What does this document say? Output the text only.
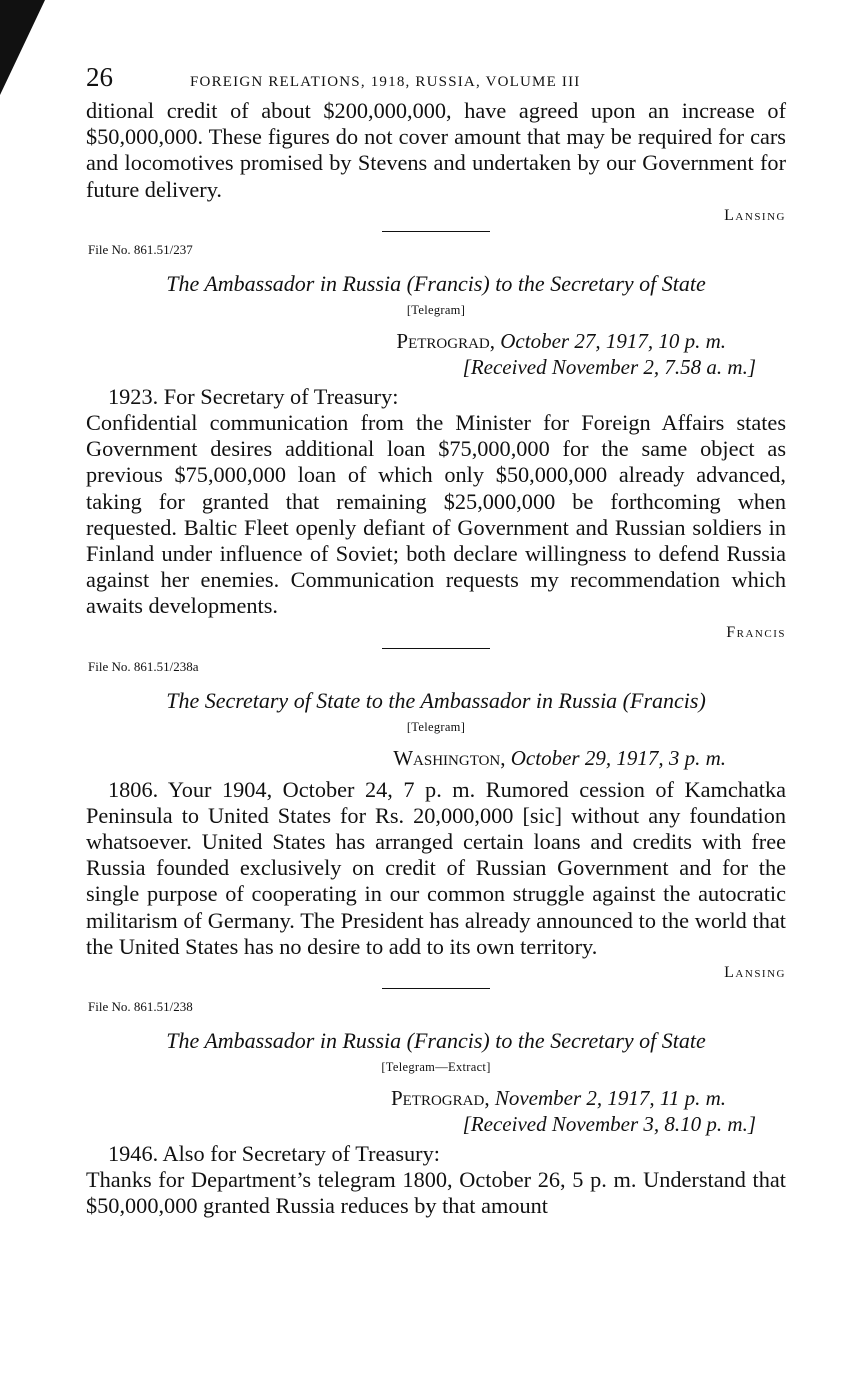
26	FOREIGN RELATIONS, 1918, RUSSIA, VOLUME III

ditional credit of about $200,000,000, have agreed upon an increase of $50,000,000. These figures do not cover amount that may be required for cars and locomotives promised by Stevens and undertaken by our Government for future delivery.

Lansing
File No. 861.51/237
The Ambassador in Russia (Francis) to the Secretary of State
[Telegram]
Petrograd, October 27, 1917, 10 p. m.
[Received November 2, 7.58 a. m.]

1923. For Secretary of Treasury:

Confidential communication from the Minister for Foreign Affairs states Government desires additional loan $75,000,000 for the same object as previous $75,000,000 loan of which only $50,000,000 already advanced, taking for granted that remaining $25,000,000 be forthcoming when requested. Baltic Fleet openly defiant of Government and Russian soldiers in Finland under influence of Soviet; both declare willingness to defend Russia against her enemies. Communication requests my recommendation which awaits developments.

Francis
File No. 861.51/238a
The Secretary of State to the Ambassador in Russia (Francis)
[Telegram]
Washington, October 29, 1917, 3 p. m.

1806. Your 1904, October 24, 7 p. m. Rumored cession of Kamchatka Peninsula to United States for Rs. 20,000,000 [sic] without any foundation whatsoever. United States has arranged certain loans and credits with free Russia founded exclusively on credit of Russian Government and for the single purpose of cooperating in our common struggle against the autocratic militarism of Germany. The President has already announced to the world that the United States has no desire to add to its own territory.

Lansing
File No. 861.51/238
The Ambassador in Russia (Francis) to the Secretary of State
[Telegram—Extract]
Petrograd, November 2, 1917, 11 p. m.
[Received November 3, 8.10 p. m.]

1946. Also for Secretary of Treasury:

Thanks for Department’s telegram 1800, October 26, 5 p. m. Understand that $50,000,000 granted Russia reduces by that amount
